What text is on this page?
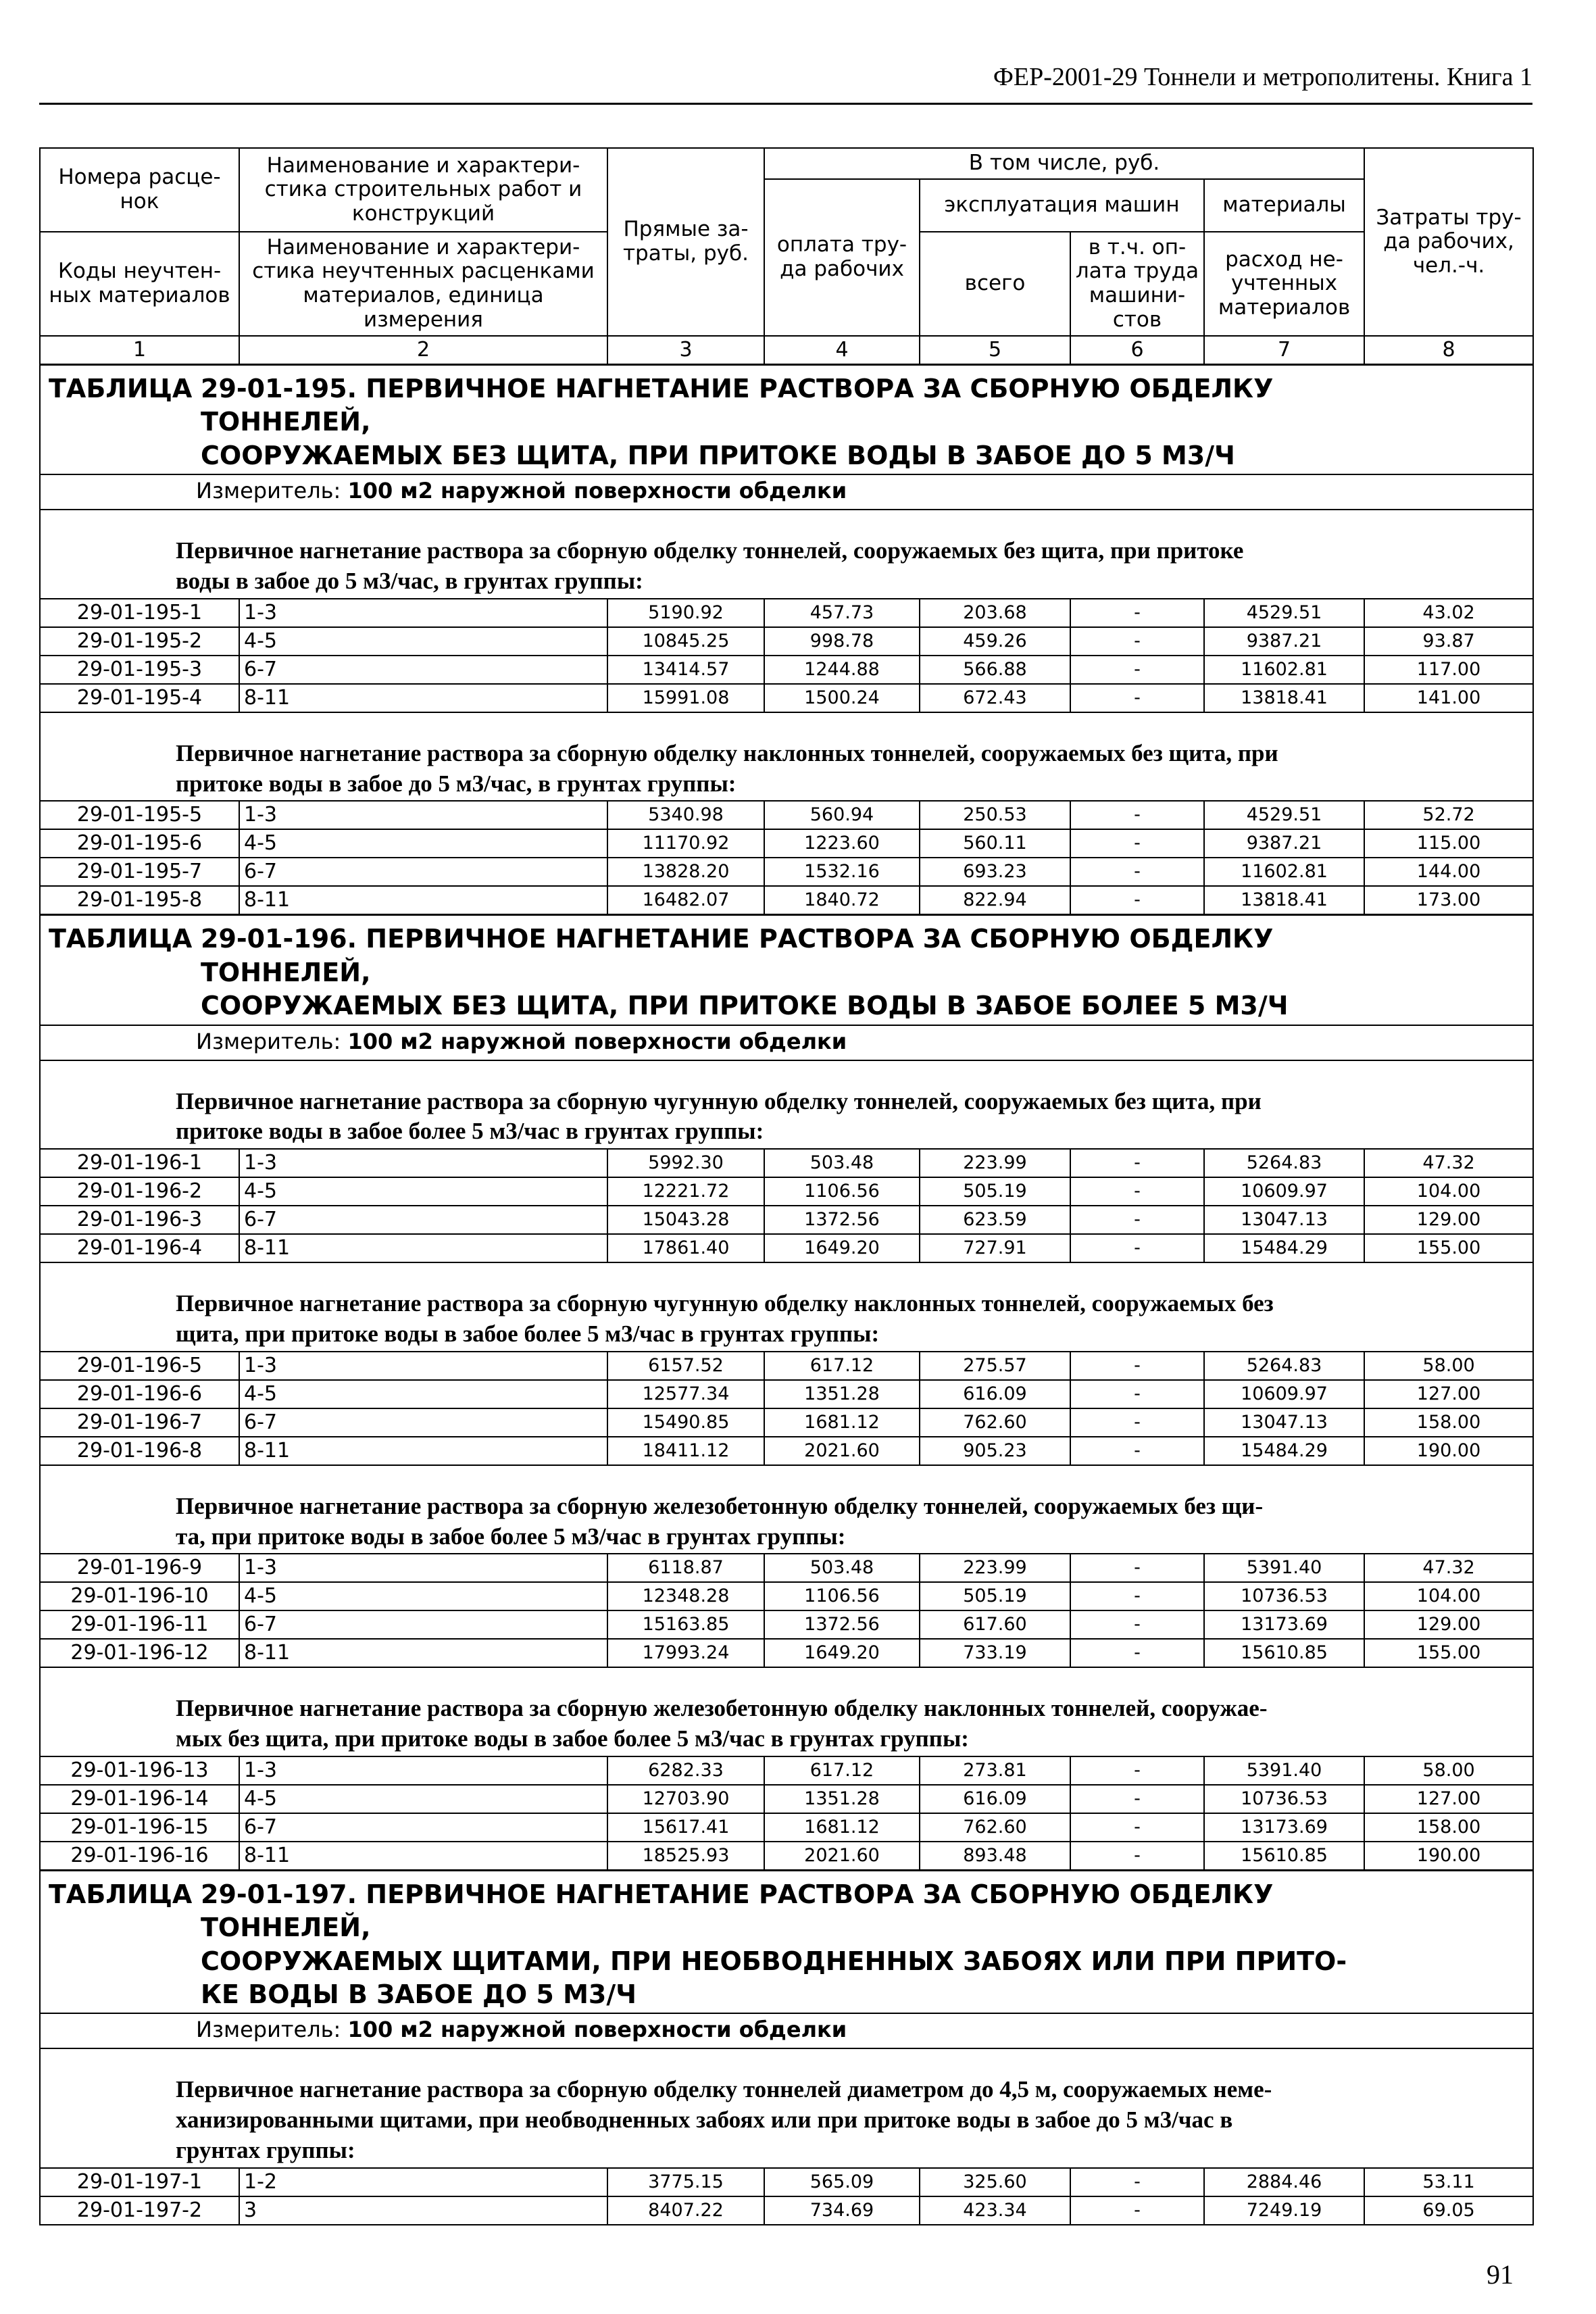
ФЕР-2001-29 Тоннели и метрополитены. Книга 1
Номера расце-нок	Наименование и характери-стика строительных работ и конструкций	Прямые за-траты, руб.	В том числе, руб.				Затраты тру-да рабочих, чел.-ч.
			оплата тру-да рабочих	эксплуатация машин		материалы	

Коды неучтен-ных материалов	Наименование и характери-стика неучтенных расценками материалов, единица измерения			всего	в т.ч. оп-лата труда машини-стов	расход не-учтенных материалов	

1	2	3	4	5	6	7	8
ТАБЛИЦА 29-01-195. ПЕРВИЧНОЕ НАГНЕТАНИЕ РАСТВОРА ЗА СБОРНУЮ ОБДЕЛКУ ТОННЕЛЕЙ,
СООРУЖАЕМЫХ БЕЗ ЩИТА, ПРИ ПРИТОКЕ ВОДЫ В ЗАБОЕ ДО 5 М3/Ч							

Измеритель: 100 м2 наружной поверхности обделки							

Первичное нагнетание раствора за сборную обделку тоннелей, сооружаемых без щита, при притоке
воды в забое до 5 м3/час, в грунтах группы:							

29-01-195-1	1-3	5190.92	457.73	203.68	-	4529.51	43.02
29-01-195-2	4-5	10845.25	998.78	459.26	-	9387.21	93.87
29-01-195-3	6-7	13414.57	1244.88	566.88	-	11602.81	117.00
29-01-195-4	8-11	15991.08	1500.24	672.43	-	13818.41	141.00

Первичное нагнетание раствора за сборную обделку наклонных тоннелей, сооружаемых без щита, при
притоке воды в забое до 5 м3/час, в грунтах группы:							

29-01-195-5	1-3	5340.98	560.94	250.53	-	4529.51	52.72
29-01-195-6	4-5	11170.92	1223.60	560.11	-	9387.21	115.00
29-01-195-7	6-7	13828.20	1532.16	693.23	-	11602.81	144.00
29-01-195-8	8-11	16482.07	1840.72	822.94	-	13818.41	173.00
ТАБЛИЦА 29-01-196. ПЕРВИЧНОЕ НАГНЕТАНИЕ РАСТВОРА ЗА СБОРНУЮ ОБДЕЛКУ ТОННЕЛЕЙ,
СООРУЖАЕМЫХ БЕЗ ЩИТА, ПРИ ПРИТОКЕ ВОДЫ В ЗАБОЕ БОЛЕЕ 5 М3/Ч							

Измеритель: 100 м2 наружной поверхности обделки							

Первичное нагнетание раствора за сборную чугунную обделку тоннелей, сооружаемых без щита, при
притоке воды в забое более 5 м3/час в грунтах группы:							

29-01-196-1	1-3	5992.30	503.48	223.99	-	5264.83	47.32
29-01-196-2	4-5	12221.72	1106.56	505.19	-	10609.97	104.00
29-01-196-3	6-7	15043.28	1372.56	623.59	-	13047.13	129.00
29-01-196-4	8-11	17861.40	1649.20	727.91	-	15484.29	155.00

Первичное нагнетание раствора за сборную чугунную обделку наклонных тоннелей, сооружаемых без
щита, при притоке воды в забое более 5 м3/час в грунтах группы:							

29-01-196-5	1-3	6157.52	617.12	275.57	-	5264.83	58.00
29-01-196-6	4-5	12577.34	1351.28	616.09	-	10609.97	127.00
29-01-196-7	6-7	15490.85	1681.12	762.60	-	13047.13	158.00
29-01-196-8	8-11	18411.12	2021.60	905.23	-	15484.29	190.00

Первичное нагнетание раствора за сборную железобетонную обделку тоннелей, сооружаемых без щи-
та, при притоке воды в забое более 5 м3/час в грунтах группы:							

29-01-196-9	1-3	6118.87	503.48	223.99	-	5391.40	47.32
29-01-196-10	4-5	12348.28	1106.56	505.19	-	10736.53	104.00
29-01-196-11	6-7	15163.85	1372.56	617.60	-	13173.69	129.00
29-01-196-12	8-11	17993.24	1649.20	733.19	-	15610.85	155.00

Первичное нагнетание раствора за сборную железобетонную обделку наклонных тоннелей, сооружае-
мых без щита, при притоке воды в забое более 5 м3/час в грунтах группы:							

29-01-196-13	1-3	6282.33	617.12	273.81	-	5391.40	58.00
29-01-196-14	4-5	12703.90	1351.28	616.09	-	10736.53	127.00
29-01-196-15	6-7	15617.41	1681.12	762.60	-	13173.69	158.00
29-01-196-16	8-11	18525.93	2021.60	893.48	-	15610.85	190.00
ТАБЛИЦА 29-01-197. ПЕРВИЧНОЕ НАГНЕТАНИЕ РАСТВОРА ЗА СБОРНУЮ ОБДЕЛКУ ТОННЕЛЕЙ,
СООРУЖАЕМЫХ ЩИТАМИ, ПРИ НЕОБВОДНЕННЫХ ЗАБОЯХ ИЛИ ПРИ ПРИТО-
КЕ ВОДЫ В ЗАБОЕ ДО 5 М3/Ч							

Измеритель: 100 м2 наружной поверхности обделки							

Первичное нагнетание раствора за сборную обделку тоннелей диаметром до 4,5 м, сооружаемых неме-
ханизированными щитами, при необводненных забоях или при притоке воды в забое до 5 м3/час в
грунтах группы:							

29-01-197-1	1-2	3775.15	565.09	325.60	-	2884.46	53.11
29-01-197-2	3	8407.22	734.69	423.34	-	7249.19	69.05
91
